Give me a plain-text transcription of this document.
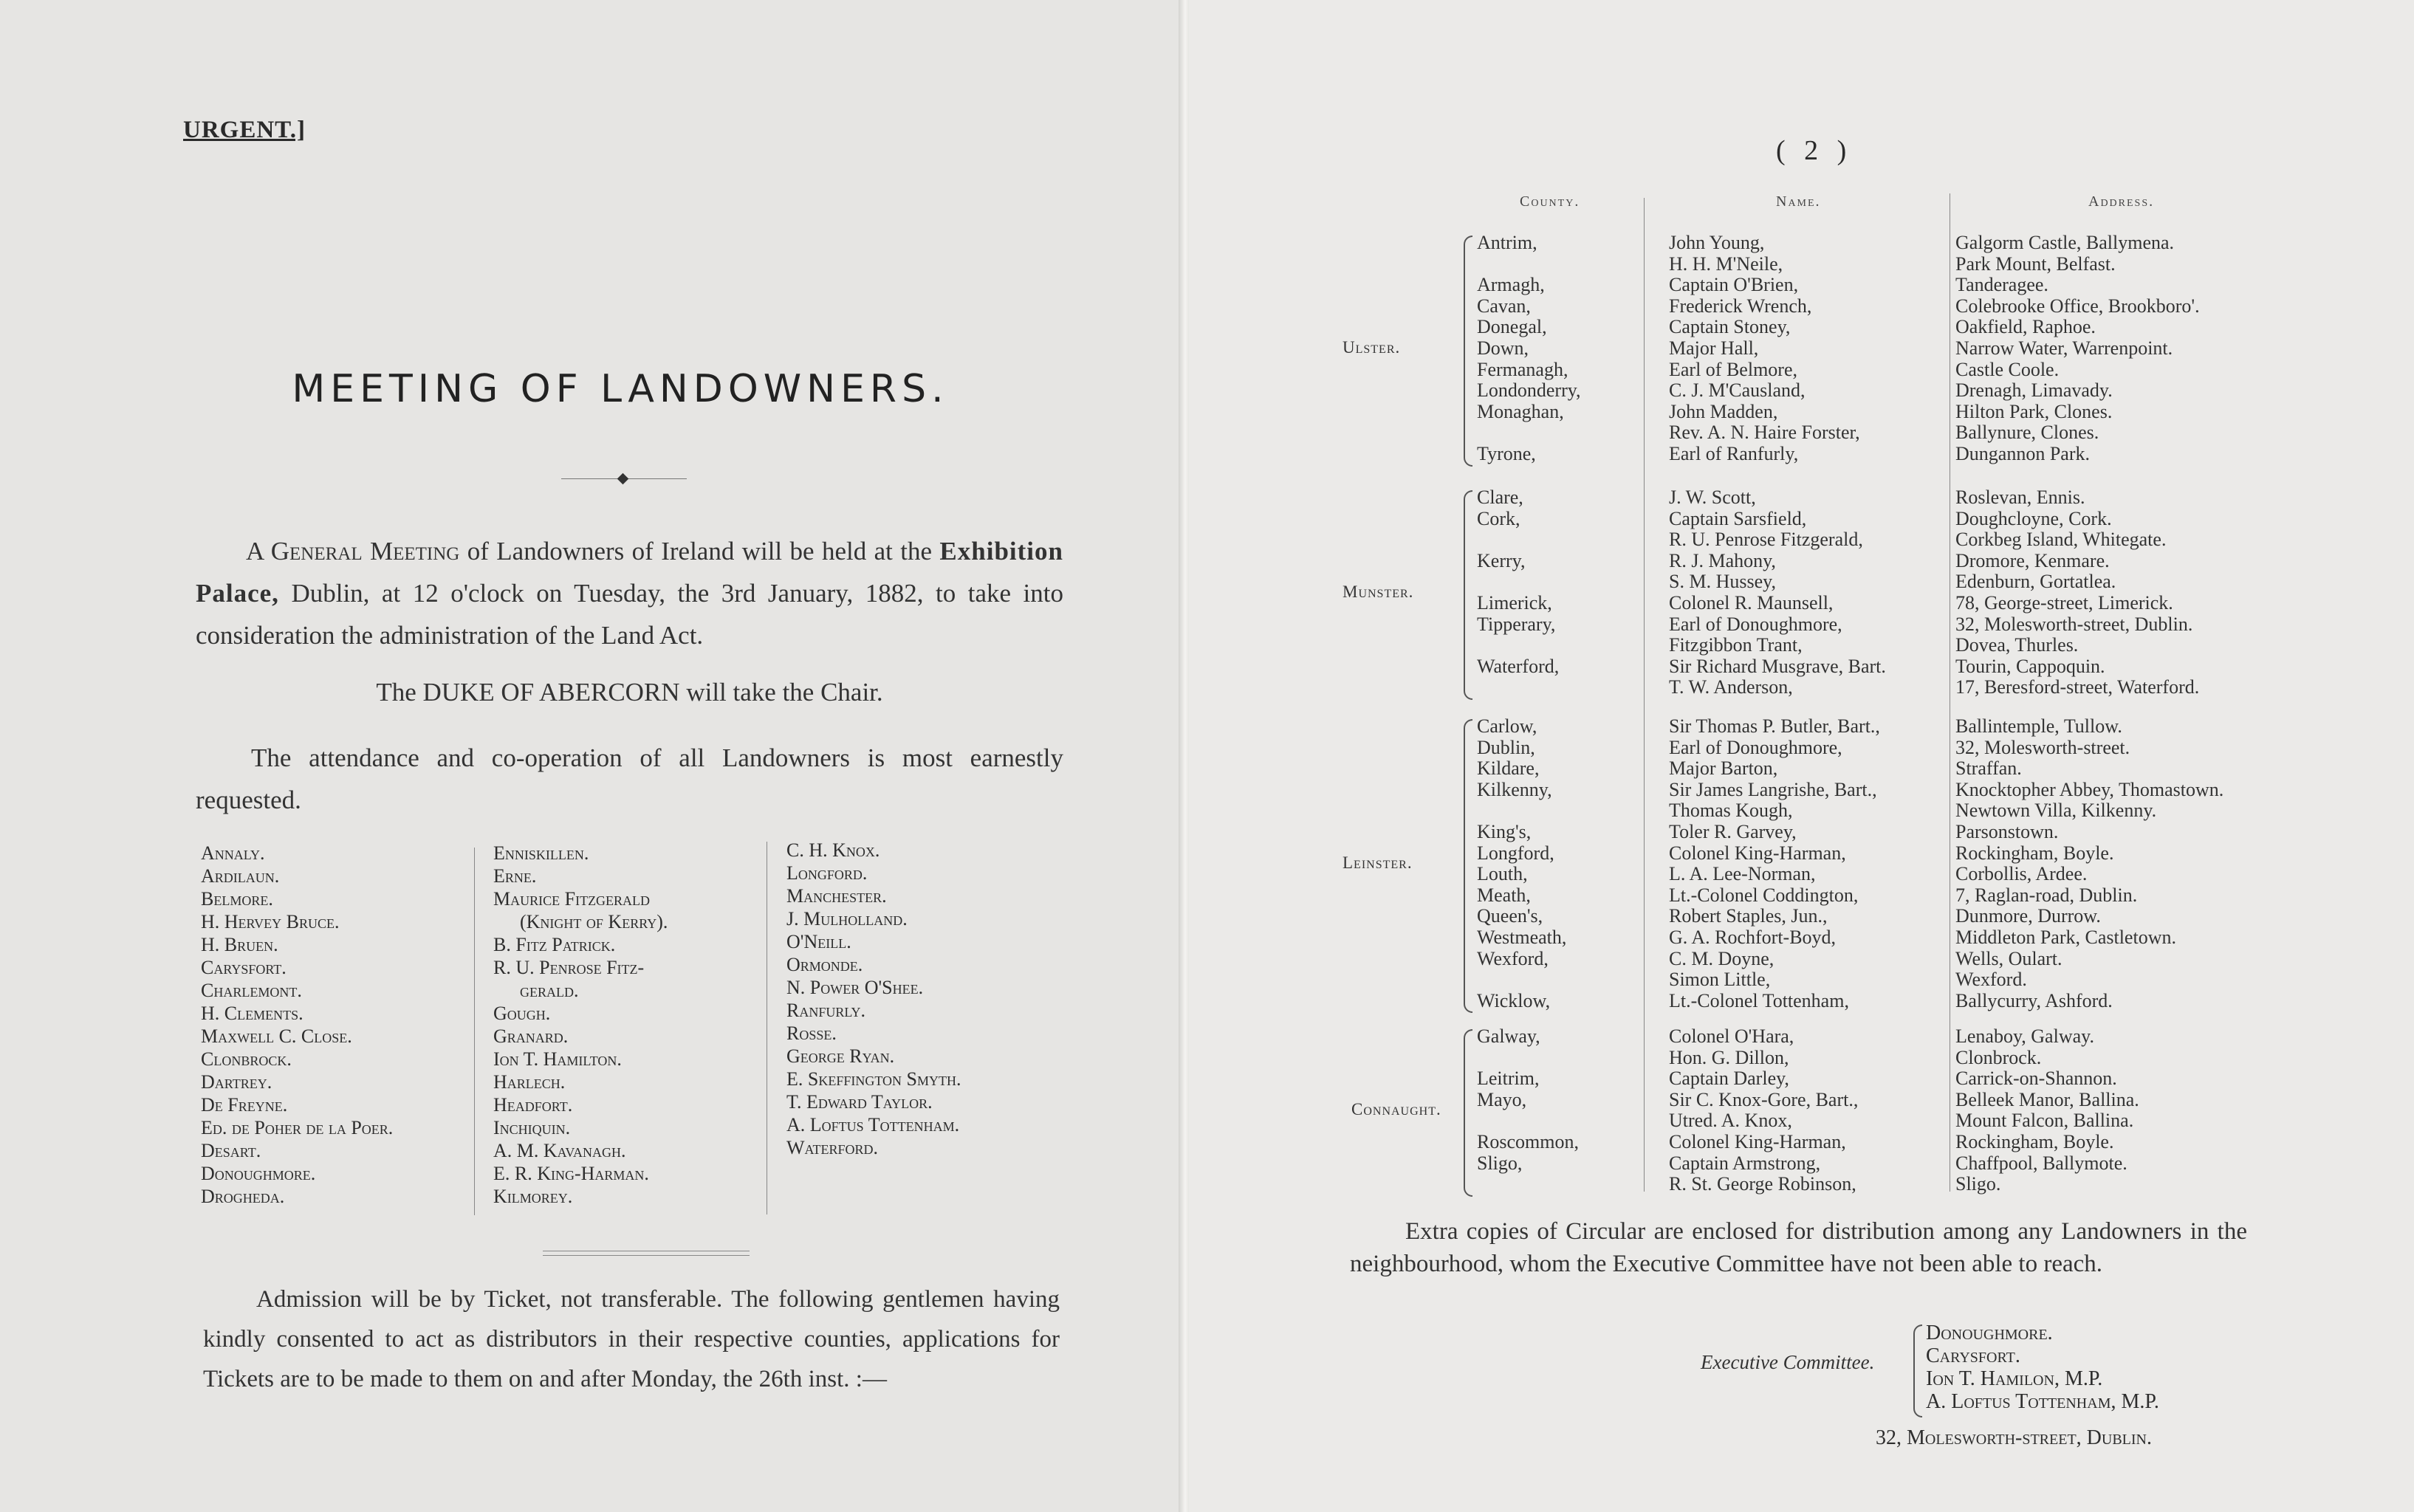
URGENT.]
MEETING OF LANDOWNERS.
A General Meeting of Landowners of Ireland will be held at the Exhibition Palace, Dublin, at 12 o'clock on Tuesday, the 3rd January, 1882, to take into consideration the administration of the Land Act.
The DUKE OF ABERCORN will take the Chair.
The attendance and co-operation of all Landowners is most earnestly requested.
Annaly.
Ardilaun.
Belmore.
H. Hervey Bruce.
H. Bruen.
Carysfort.
Charlemont.
H. Clements.
Maxwell C. Close.
Clonbrock.
Dartrey.
De Freyne.
Ed. de Poher de la Poer.
Desart.
Donoughmore.
Drogheda.
Enniskillen.
Erne.
Maurice Fitzgerald
(Knight of Kerry).
B. Fitz Patrick.
R. U. Penrose Fitz-
gerald.
Gough.
Granard.
Ion T. Hamilton.
Harlech.
Headfort.
Inchiquin.
A. M. Kavanagh.
E. R. King-Harman.
Kilmorey.
C. H. Knox.
Longford.
Manchester.
J. Mulholland.
O'Neill.
Ormonde.
N. Power O'Shee.
Ranfurly.
Rosse.
George Ryan.
E. Skeffington Smyth.
T. Edward Taylor.
A. Loftus Tottenham.
Waterford.
Admission will be by Ticket, not transferable. The following gentlemen having kindly consented to act as distributors in their respective counties, applications for Tickets are to be made to them on and after Monday, the 26th inst. :—
( 2 )
County.	Name.	Address.
Ulster.
Antrim,	John Young,	Galgorm Castle, Ballymena.
H. H. M'Neile,	Park Mount, Belfast.
Armagh,	Captain O'Brien,	Tanderagee.
Cavan,	Frederick Wrench,	Colebrooke Office, Brookboro'.
Donegal,	Captain Stoney,	Oakfield, Raphoe.
Down,	Major Hall,	Narrow Water, Warrenpoint.
Fermanagh,	Earl of Belmore,	Castle Coole.
Londonderry,	C. J. M'Causland,	Drenagh, Limavady.
Monaghan,	John Madden,	Hilton Park, Clones.
Rev. A. N. Haire Forster,	Ballynure, Clones.
Tyrone,	Earl of Ranfurly,	Dungannon Park.
Munster.
Clare,	J. W. Scott,	Roslevan, Ennis.
Cork,	Captain Sarsfield,	Doughcloyne, Cork.
R. U. Penrose Fitzgerald,	Corkbeg Island, Whitegate.
Kerry,	R. J. Mahony,	Dromore, Kenmare.
S. M. Hussey,	Edenburn, Gortatlea.
Limerick,	Colonel R. Maunsell,	78, George-street, Limerick.
Tipperary,	Earl of Donoughmore,	32, Molesworth-street, Dublin.
Fitzgibbon Trant,	Dovea, Thurles.
Waterford,	Sir Richard Musgrave, Bart.	Tourin, Cappoquin.
T. W. Anderson,	17, Beresford-street, Waterford.
Leinster.
Carlow,	Sir Thomas P. Butler, Bart.,	Ballintemple, Tullow.
Dublin,	Earl of Donoughmore,	32, Molesworth-street.
Kildare,	Major Barton,	Straffan.
Kilkenny,	Sir James Langrishe, Bart.,	Knocktopher Abbey, Thomastown.
Thomas Kough,	Newtown Villa, Kilkenny.
King's,	Toler R. Garvey,	Parsonstown.
Longford,	Colonel King-Harman,	Rockingham, Boyle.
Louth,	L. A. Lee-Norman,	Corbollis, Ardee.
Meath,	Lt.-Colonel Coddington,	7, Raglan-road, Dublin.
Queen's,	Robert Staples, Jun.,	Dunmore, Durrow.
Westmeath,	G. A. Rochfort-Boyd,	Middleton Park, Castletown.
Wexford,	C. M. Doyne,	Wells, Oulart.
Simon Little,	Wexford.
Wicklow,	Lt.-Colonel Tottenham,	Ballycurry, Ashford.
Connaught.
Galway,	Colonel O'Hara,	Lenaboy, Galway.
Hon. G. Dillon,	Clonbrock.
Leitrim,	Captain Darley,	Carrick-on-Shannon.
Mayo,	Sir C. Knox-Gore, Bart.,	Belleek Manor, Ballina.
Utred. A. Knox,	Mount Falcon, Ballina.
Roscommon,	Colonel King-Harman,	Rockingham, Boyle.
Sligo,	Captain Armstrong,	Chaffpool, Ballymote.
R. St. George Robinson,	Sligo.
Extra copies of Circular are enclosed for distribution among any Landowners in the neighbourhood, whom the Executive Committee have not been able to reach.
Executive Committee.
Donoughmore.
Carysfort.
Ion T. Hamilon, M.P.
A. Loftus Tottenham, M.P.
32, Molesworth-street, Dublin.
